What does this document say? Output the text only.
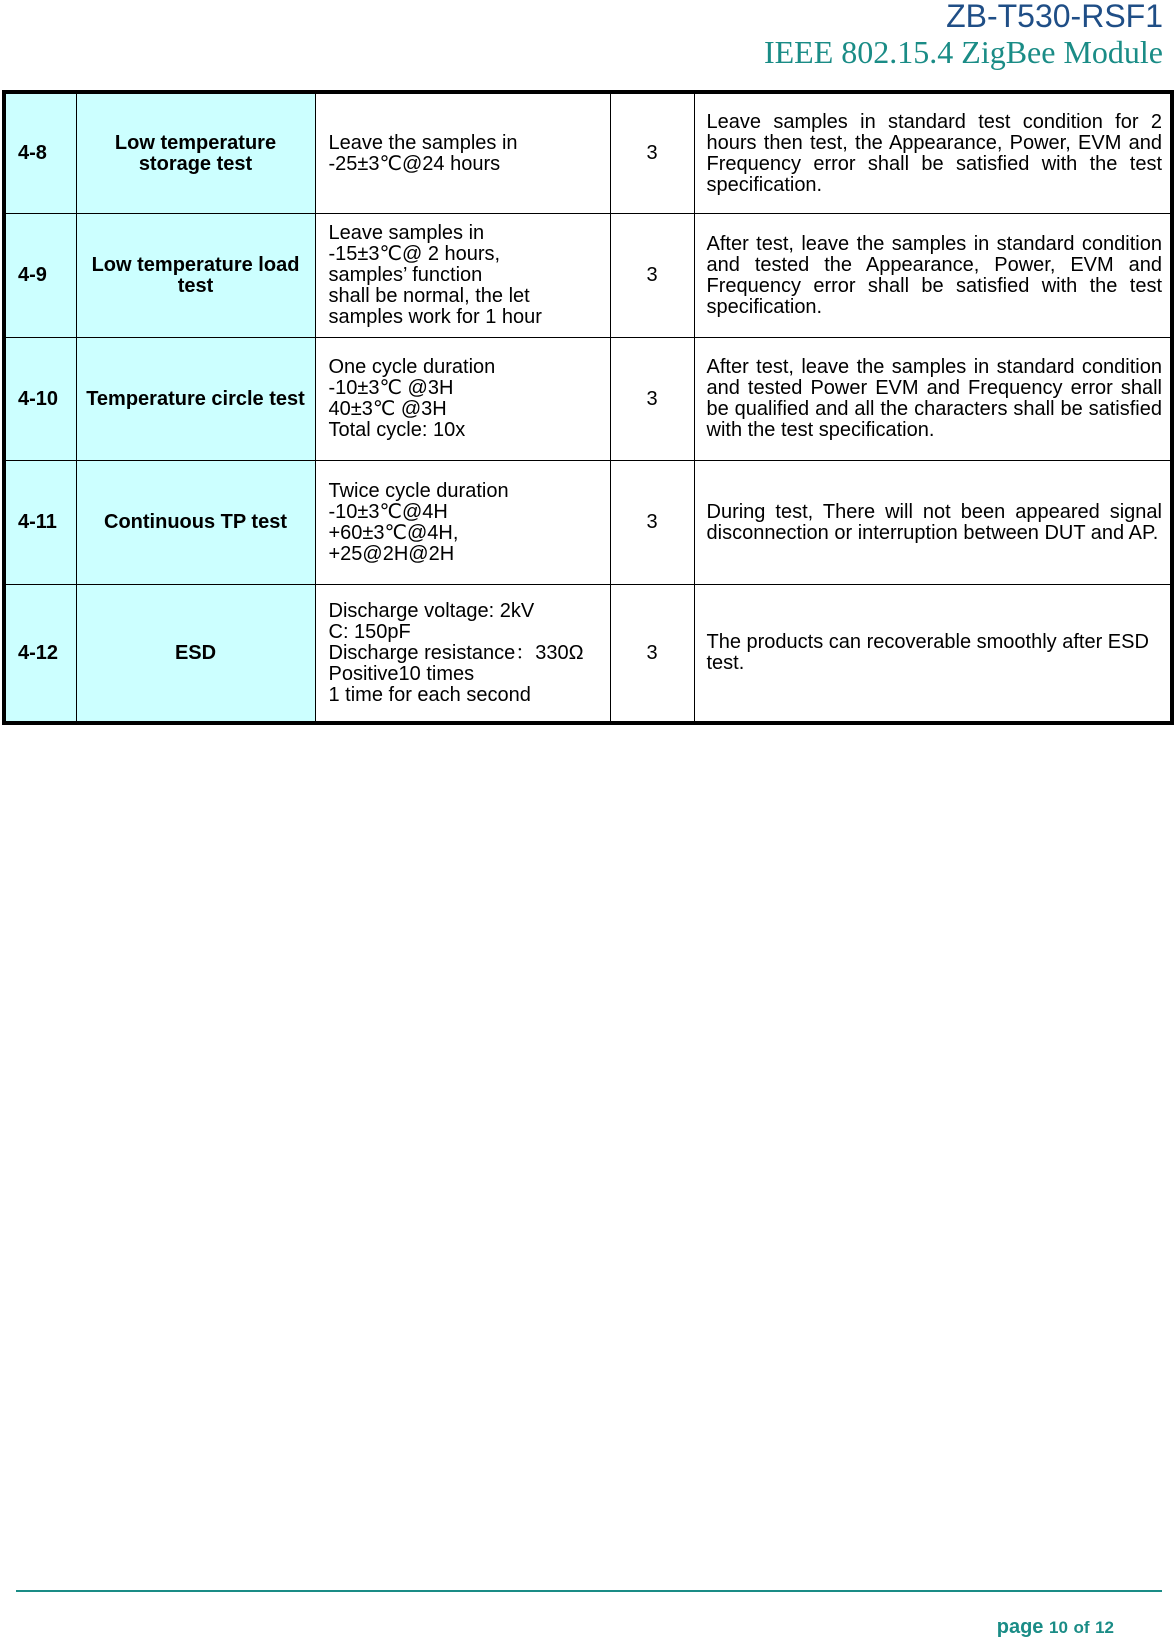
ZB-T530-RSF1

IEEE 802.15.4 ZigBee Module

4-8	Low temperature storage test	Leave the samples in
-25±3℃@24 hours	3	Leave samples in standard test condition for 2 hours then test, the Appearance, Power, EVM and Frequency error shall be satisfied with the test specification.
4-9	Low temperature load test	Leave samples in
-15±3℃@ 2 hours,
samples’ function
shall be normal, the let
samples work for 1 hour	3	After test, leave the samples in standard condition and tested the Appearance, Power, EVM and Frequency error shall be satisfied with the test specification.
4-10	Temperature circle test	One cycle duration
-10±3℃ @3H
40±3℃ @3H
Total cycle: 10x	3	After test, leave the samples in standard condition and tested Power EVM and Frequency error shall be qualified and all the characters shall be satisfied with the test specification.
4-11	Continuous TP test	Twice cycle duration
-10±3℃@4H
+60±3℃@4H,
+25@2H@2H	3	During test, There will not been appeared signal disconnection or interruption between DUT and AP.
4-12	ESD	Discharge voltage: 2kV
C: 150pF
Discharge resistance：330Ω
Positive10 times
1 time for each second	3	The products can recoverable smoothly after ESD test.

page 10 of 12
